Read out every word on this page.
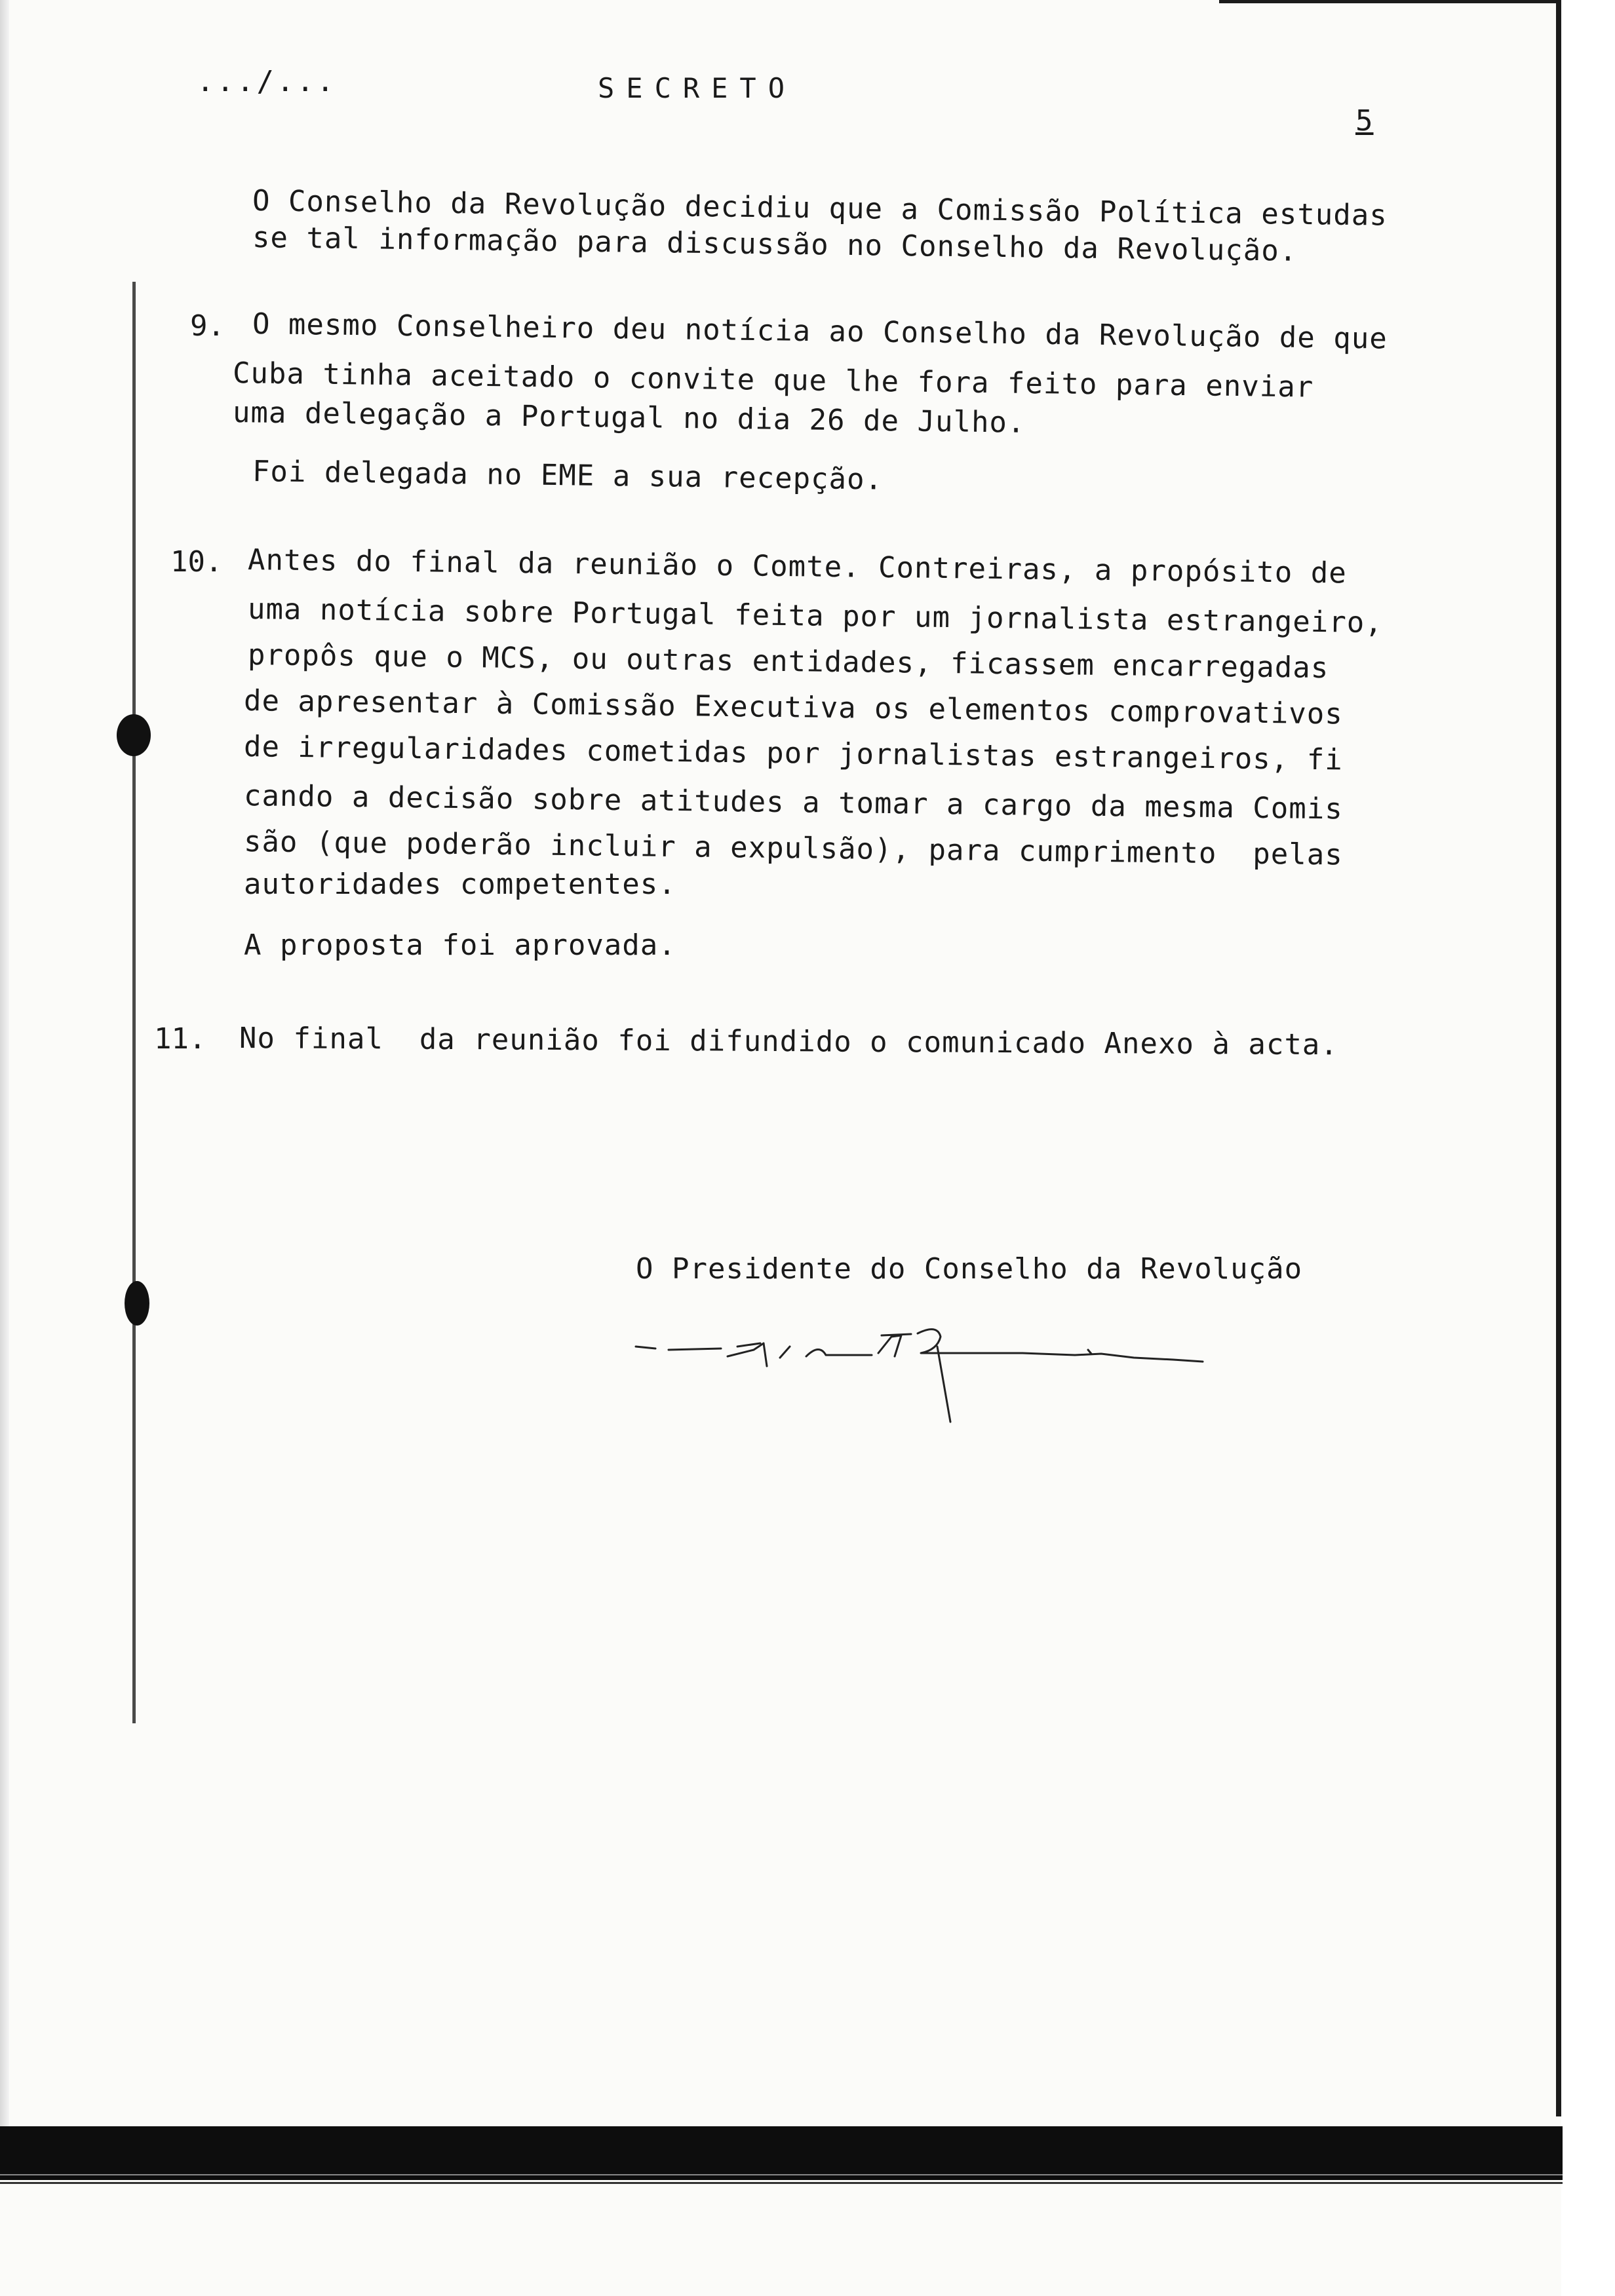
.../...	SECRETO
5
O Conselho da Revolução decidiu que a Comissão Política estudas
se tal informação para discussão no Conselho da Revolução.
9. O mesmo Conselheiro deu notícia ao Conselho da Revolução de que
Cuba tinha aceitado o convite que lhe fora feito para enviar
uma delegação a Portugal no dia 26 de Julho.
Foi delegada no EME a sua recepção.
10. Antes do final da reunião o Comte. Contreiras, a propósito de
uma notícia sobre Portugal feita por um jornalista estrangeiro,
propôs que o MCS, ou outras entidades, ficassem encarregadas
de apresentar à Comissão Executiva os elementos comprovativos
de irregularidades cometidas por jornalistas estrangeiros, fi
cando a decisão sobre atitudes a tomar a cargo da mesma Comis
são (que poderão incluir a expulsão), para cumprimento  pelas
autoridades competentes.
A proposta foi aprovada.
11. No final  da reunião foi difundido o comunicado Anexo à acta.
O Presidente do Conselho da Revolução
